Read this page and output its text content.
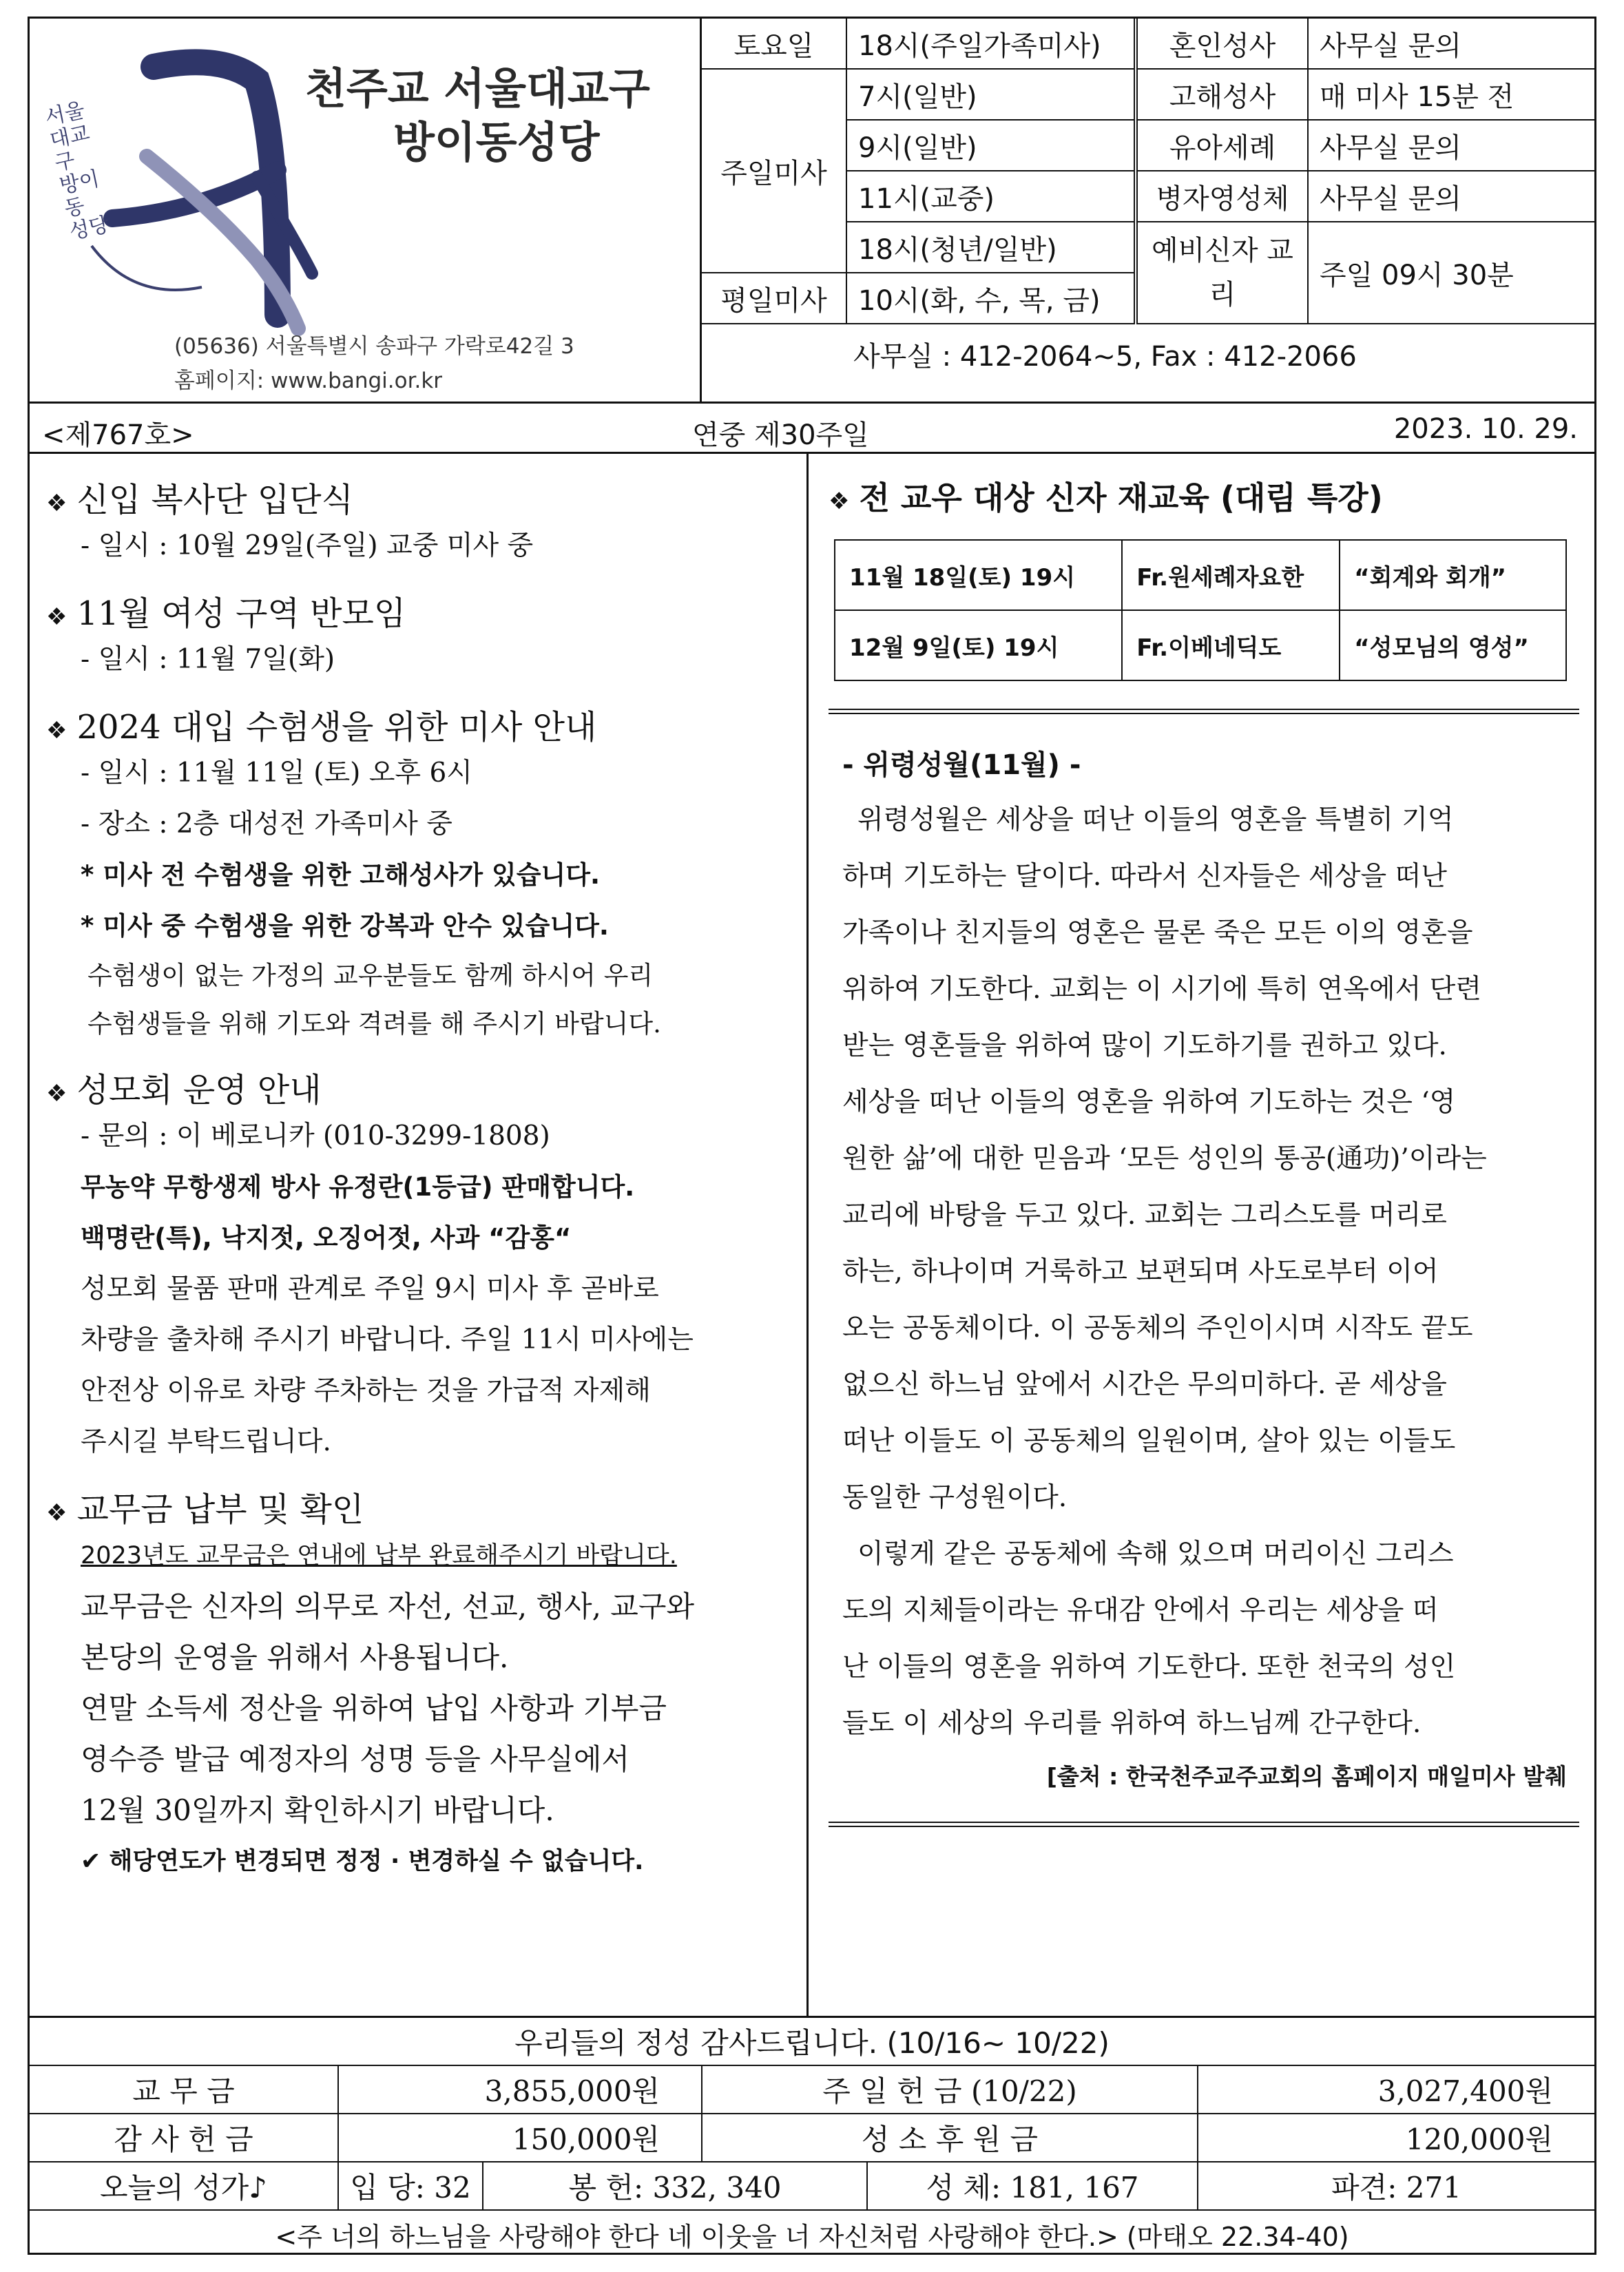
서울대교구 방이동 성당
천주교 서울대교구
방이동성당
(05636) 서울특별시 송파구 가락로42길 3
홈페이지: www.bangi.or.kr
토요일	18시(주일가족미사)	혼인성사	사무실 문의
주일미사	7시(일반)	고해성사	매 미사 15분 전
	9시(일반)	유아세례	사무실 문의
	11시(교중)	병자영성체	사무실 문의
	18시(청년/일반)	예비신자 교리	주일 09시 30분
평일미사	10시(화, 수, 목, 금)		
사무실 : 412-2064~5, Fax : 412-2066			
<제767호>	연중 제30주일	2023. 10. 29.
❖ 신입 복사단 입단식
- 일시 : 10월 29일(주일) 교중 미사 중
❖ 11월 여성 구역 반모임
- 일시 : 11월 7일(화)
❖ 2024 대입 수험생을 위한 미사 안내
- 일시 : 11월 11일 (토) 오후 6시
- 장소 : 2층 대성전 가족미사 중
* 미사 전 수험생을 위한 고해성사가 있습니다.
* 미사 중 수험생을 위한 강복과 안수 있습니다.
수험생이 없는 가정의 교우분들도 함께 하시어 우리
수험생들을 위해 기도와 격려를 해 주시기 바랍니다.
❖ 성모회 운영 안내
- 문의 : 이 베로니카 (010-3299-1808)
무농약 무항생제 방사 유정란(1등급) 판매합니다.
백명란(특), 낙지젓, 오징어젓, 사과 “감홍“
성모회 물품 판매 관계로 주일 9시 미사 후 곧바로
차량을 출차해 주시기 바랍니다. 주일 11시 미사에는
안전상 이유로 차량 주차하는 것을 가급적 자제해
주시길 부탁드립니다.
❖ 교무금 납부 및 확인
2023년도 교무금은 연내에 납부 완료해주시기 바랍니다.
교무금은 신자의 의무로 자선, 선교, 행사, 교구와
본당의 운영을 위해서 사용됩니다.
연말 소득세 정산을 위하여 납입 사항과 기부금
영수증 발급 예정자의 성명 등을 사무실에서
12월 30일까지 확인하시기 바랍니다.
✔ 해당연도가 변경되면 정정 · 변경하실 수 없습니다.
❖ 전 교우 대상 신자 재교육 (대림 특강)
11월 18일(토) 19시	Fr.원세례자요한	“회계와 회개”
12월 9일(토) 19시	Fr.이베네딕도	“성모님의 영성”
- 위령성월(11월) -
위령성월은 세상을 떠난 이들의 영혼을 특별히 기억
하며 기도하는 달이다. 따라서 신자들은 세상을 떠난
가족이나 친지들의 영혼은 물론 죽은 모든 이의 영혼을
위하여 기도한다. 교회는 이 시기에 특히 연옥에서 단련
받는 영혼들을 위하여 많이 기도하기를 권하고 있다.
세상을 떠난 이들의 영혼을 위하여 기도하는 것은 ‘영
원한 삶’에 대한 믿음과 ‘모든 성인의 통공(通功)’이라는
교리에 바탕을 두고 있다. 교회는 그리스도를 머리로
하는, 하나이며 거룩하고 보편되며 사도로부터 이어
오는 공동체이다. 이 공동체의 주인이시며 시작도 끝도
없으신 하느님 앞에서 시간은 무의미하다. 곧 세상을
떠난 이들도 이 공동체의 일원이며, 살아 있는 이들도
동일한 구성원이다.
이렇게 같은 공동체에 속해 있으며 머리이신 그리스
도의 지체들이라는 유대감 안에서 우리는 세상을 떠
난 이들의 영혼을 위하여 기도한다. 또한 천국의 성인
들도 이 세상의 우리를 위하여 하느님께 간구한다.
[출처 : 한국천주교주교회의 홈페이지 매일미사 발췌
우리들의 정성 감사드립니다. (10/16~ 10/22)					
교 무 금	3,855,000원		주 일 헌 금 (10/22)		3,027,400원
감 사 헌 금	150,000원		성 소 후 원 금		120,000원
오늘의 성가♪	입 당: 32	봉 헌: 332, 340		성 체: 181, 167	파견: 271
<주 너의 하느님을 사랑해야 한다 네 이웃을 너 자신처럼 사랑해야 한다.> (마태오 22.34-40)					
